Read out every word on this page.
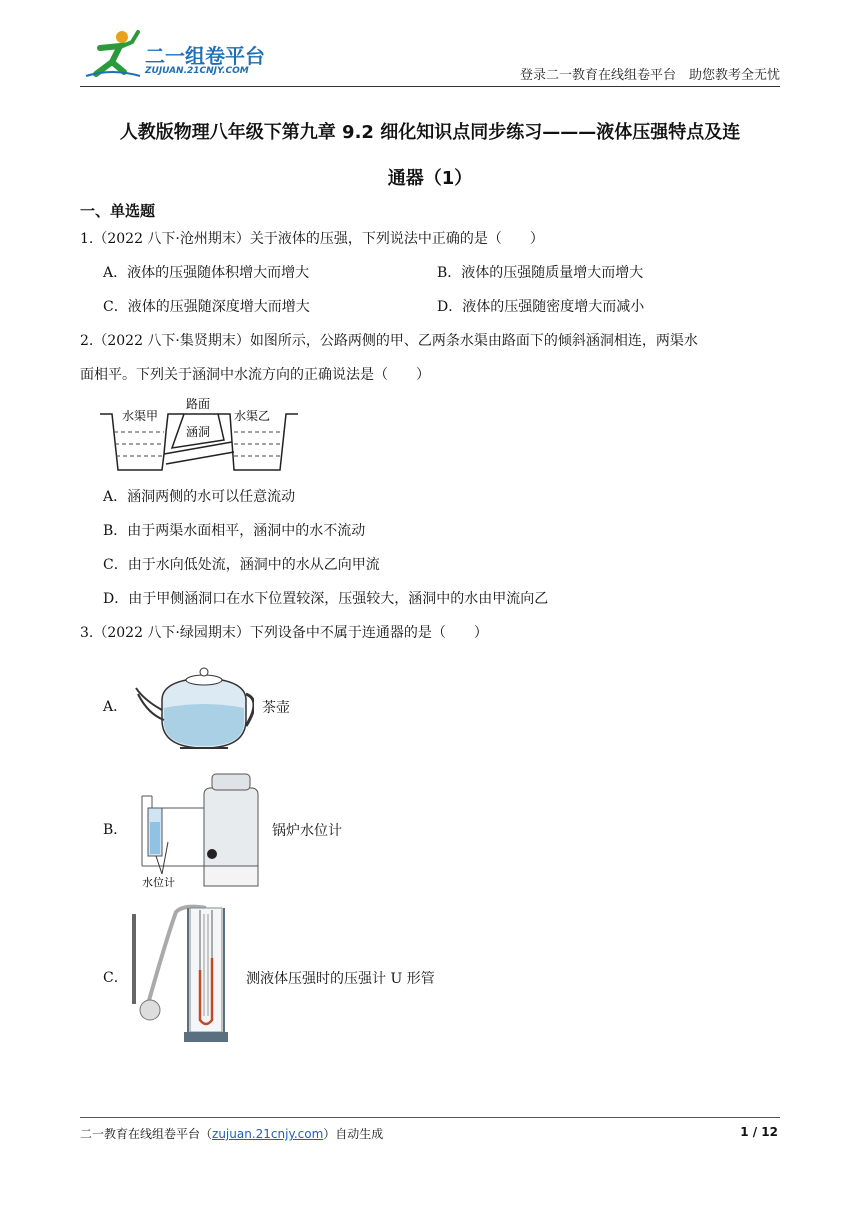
二一组卷平台
ZUJUAN.21CNJY.COM	登录二一教育在线组卷平台　助您教考全无忧
人教版物理八年级下第九章 9.2 细化知识点同步练习———液体压强特点及连
通器（1）
一、单选题
1.（2022 八下·沧州期末）关于液体的压强，下列说法中正确的是（　　）
A．液体的压强随体积增大而增大	B．液体的压强随质量增大而增大
C．液体的压强随深度增大而增大	D．液体的压强随密度增大而减小
2.（2022 八下·集贤期末）如图所示，公路两侧的甲、乙两条水渠由路面下的倾斜涵洞相连，两渠水
面相平。下列关于涵洞中水流方向的正确说法是（　　）
水渠甲
路面
涵洞
水渠乙
A．涵洞两侧的水可以任意流动
B．由于两渠水面相平，涵洞中的水不流动
C．由于水向低处流，涵洞中的水从乙向甲流
D．由于甲侧涵洞口在水下位置较深，压强较大，涵洞中的水由甲流向乙
3.（2022 八下·绿园期末）下列设备中不属于连通器的是（　　）
A．	茶壶
B．
水位计
锅炉水位计
C．	测液体压强时的压强计 U 形管
二一教育在线组卷平台（zujuan.21cnjy.com）自动生成	1 / 12
